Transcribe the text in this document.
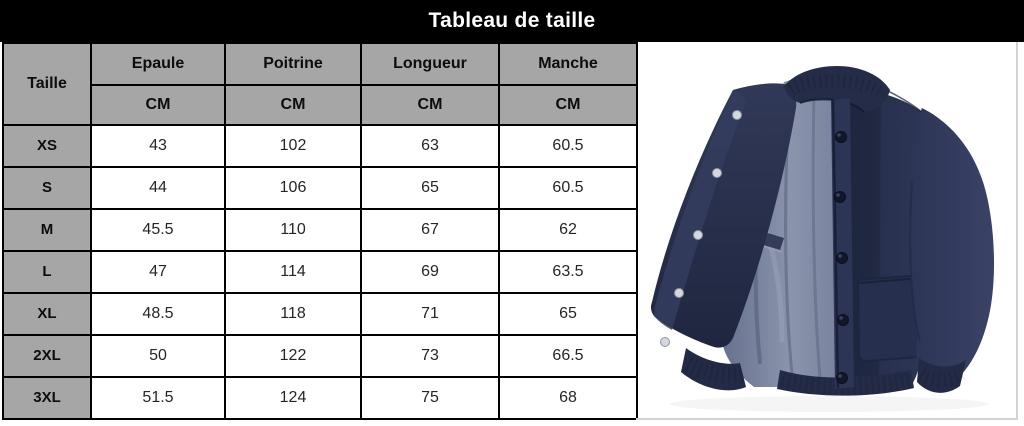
Tableau de taille
Taille	Epaule	Poitrine	Longueur	Manche
	CM	CM	CM	CM
XS	43	102	63	60.5
S	44	106	65	60.5
M	45.5	110	67	62
L	47	114	69	63.5
XL	48.5	118	71	65
2XL	50	122	73	66.5
3XL	51.5	124	75	68
